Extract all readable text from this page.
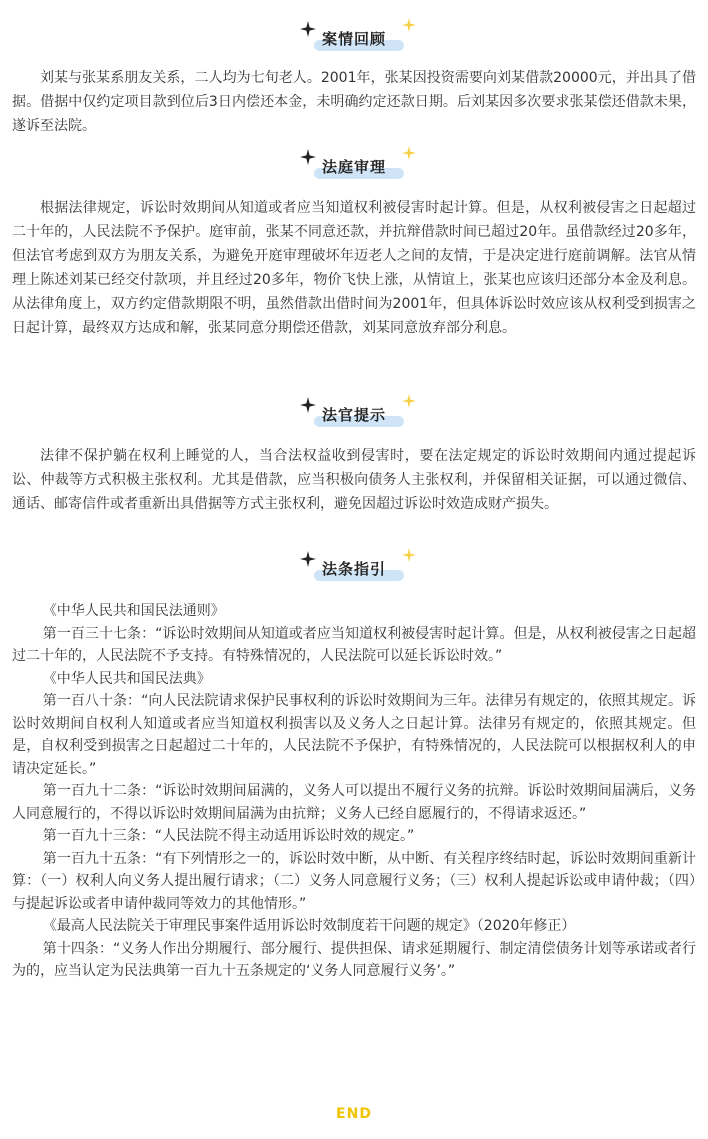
案情回顾

刘某与张某系朋友关系，二人均为七旬老人。2001年，张某因投资需要向刘某借款20000元，并出具了借据。借据中仅约定项目款到位后3日内偿还本金，未明确约定还款日期。后刘某因多次要求张某偿还借款未果，遂诉至法院。

法庭审理

根据法律规定，诉讼时效期间从知道或者应当知道权利被侵害时起计算。但是，从权利被侵害之日起超过二十年的，人民法院不予保护。庭审前，张某不同意还款，并抗辩借款时间已超过20年。虽借款经过20多年，但法官考虑到双方为朋友关系，为避免开庭审理破坏年迈老人之间的友情，于是决定进行庭前调解。法官从情理上陈述刘某已经交付款项，并且经过20多年，物价飞快上涨，从情谊上，张某也应该归还部分本金及利息。从法律角度上，双方约定借款期限不明，虽然借款出借时间为2001年，但具体诉讼时效应该从权利受到损害之日起计算，最终双方达成和解，张某同意分期偿还借款，刘某同意放弃部分利息。

法官提示

法律不保护躺在权利上睡觉的人，当合法权益收到侵害时，要在法定规定的诉讼时效期间内通过提起诉讼、仲裁等方式积极主张权利。尤其是借款，应当积极向债务人主张权利，并保留相关证据，可以通过微信、通话、邮寄信件或者重新出具借据等方式主张权利，避免因超过诉讼时效造成财产损失。

法条指引

《中华人民共和国民法通则》

第一百三十七条：“诉讼时效期间从知道或者应当知道权利被侵害时起计算。但是，从权利被侵害之日起超过二十年的，人民法院不予支持。有特殊情况的，人民法院可以延长诉讼时效。”

《中华人民共和国民法典》

第一百八十条：“向人民法院请求保护民事权利的诉讼时效期间为三年。法律另有规定的，依照其规定。诉讼时效期间自权利人知道或者应当知道权利损害以及义务人之日起计算。法律另有规定的，依照其规定。但是，自权利受到损害之日起超过二十年的，人民法院不予保护，有特殊情况的，人民法院可以根据权利人的申请决定延长。”

第一百九十二条：“诉讼时效期间届满的，义务人可以提出不履行义务的抗辩。诉讼时效期间届满后，义务人同意履行的，不得以诉讼时效期间届满为由抗辩；义务人已经自愿履行的，不得请求返还。”

第一百九十三条：“人民法院不得主动适用诉讼时效的规定。”

第一百九十五条：“有下列情形之一的，诉讼时效中断，从中断、有关程序终结时起，诉讼时效期间重新计算：（一）权利人向义务人提出履行请求；（二）义务人同意履行义务；（三）权利人提起诉讼或申请仲裁；（四）与提起诉讼或者申请仲裁同等效力的其他情形。”

《最高人民法院关于审理民事案件适用诉讼时效制度若干问题的规定》（2020年修正）

第十四条：“义务人作出分期履行、部分履行、提供担保、请求延期履行、制定清偿债务计划等承诺或者行为的，应当认定为民法典第一百九十五条规定的‘义务人同意履行义务’。”

END
